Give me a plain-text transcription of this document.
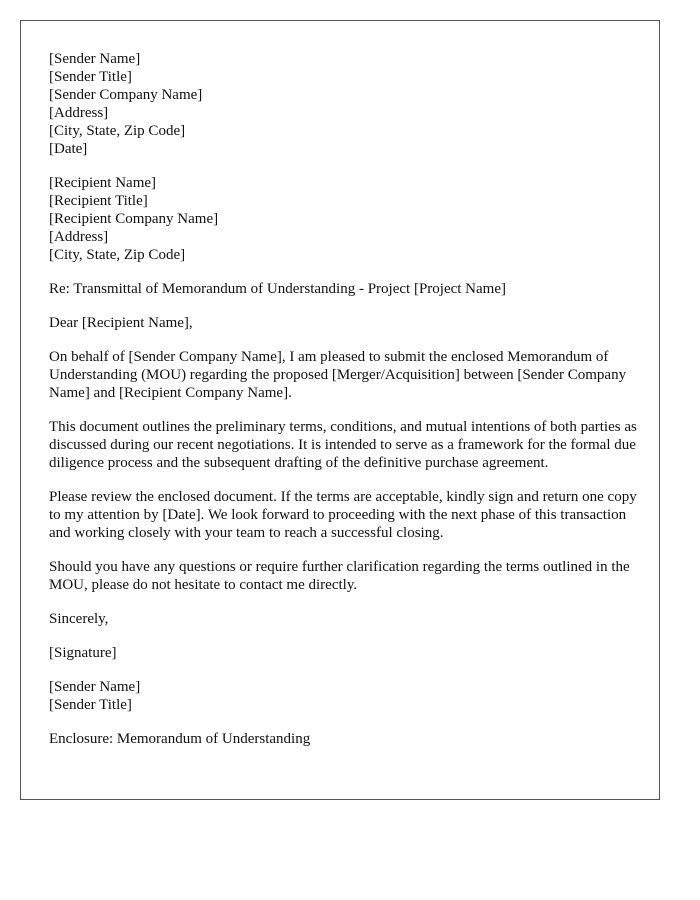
[Sender Name]
[Sender Title]
[Sender Company Name]
[Address]
[City, State, Zip Code]
[Date]
[Recipient Name]
[Recipient Title]
[Recipient Company Name]
[Address]
[City, State, Zip Code]

Re: Transmittal of Memorandum of Understanding - Project [Project Name]

Dear [Recipient Name],

On behalf of [Sender Company Name], I am pleased to submit the enclosed Memorandum of Understanding (MOU) regarding the proposed [Merger/Acquisition] between [Sender Company Name] and [Recipient Company Name].

This document outlines the preliminary terms, conditions, and mutual intentions of both parties as discussed during our recent negotiations. It is intended to serve as a framework for the formal due diligence process and the subsequent drafting of the definitive purchase agreement.

Please review the enclosed document. If the terms are acceptable, kindly sign and return one copy to my attention by [Date]. We look forward to proceeding with the next phase of this transaction and working closely with your team to reach a successful closing.

Should you have any questions or require further clarification regarding the terms outlined in the MOU, please do not hesitate to contact me directly.

Sincerely,

[Signature]

[Sender Name]
[Sender Title]

Enclosure: Memorandum of Understanding
